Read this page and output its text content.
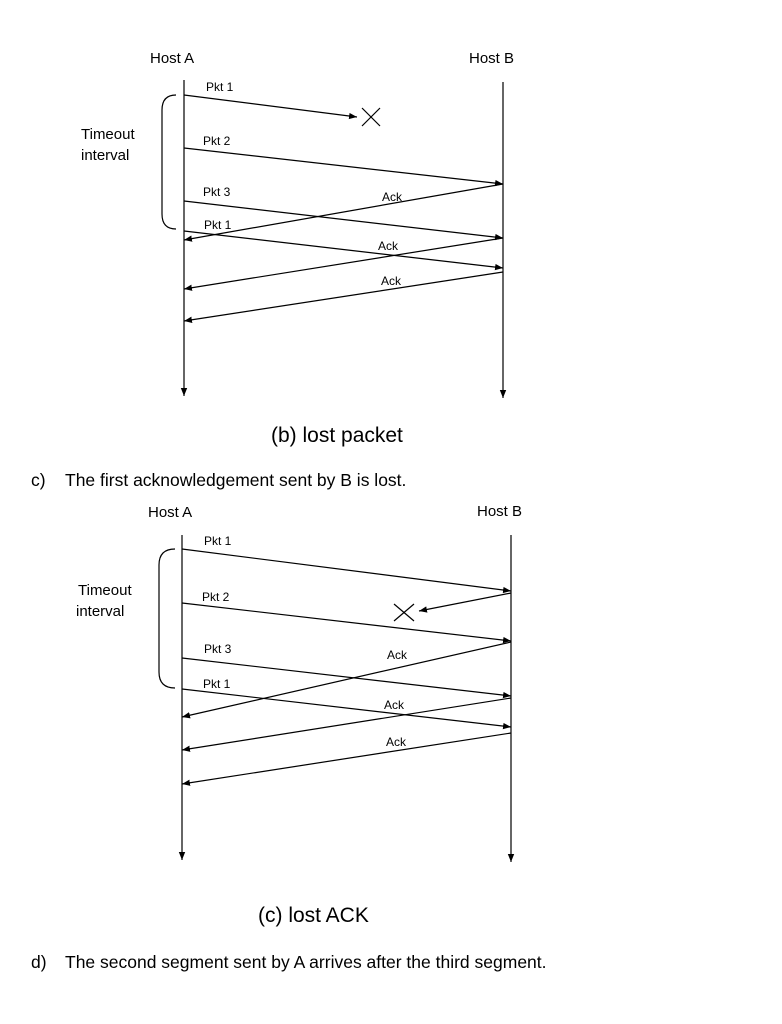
Host A	Host B
Timeout
interval
Pkt 1
Pkt 2
Pkt 3
Pkt 1
Ack
Ack
Ack
(b) lost packet
c) The first acknowledgement sent by B is lost.
Host A	Host B
Timeout
interval
Pkt 1
Pkt 2
Pkt 3
Pkt 1
Ack
Ack
Ack
(c) lost ACK
d) The second segment sent by A arrives after the third segment.
